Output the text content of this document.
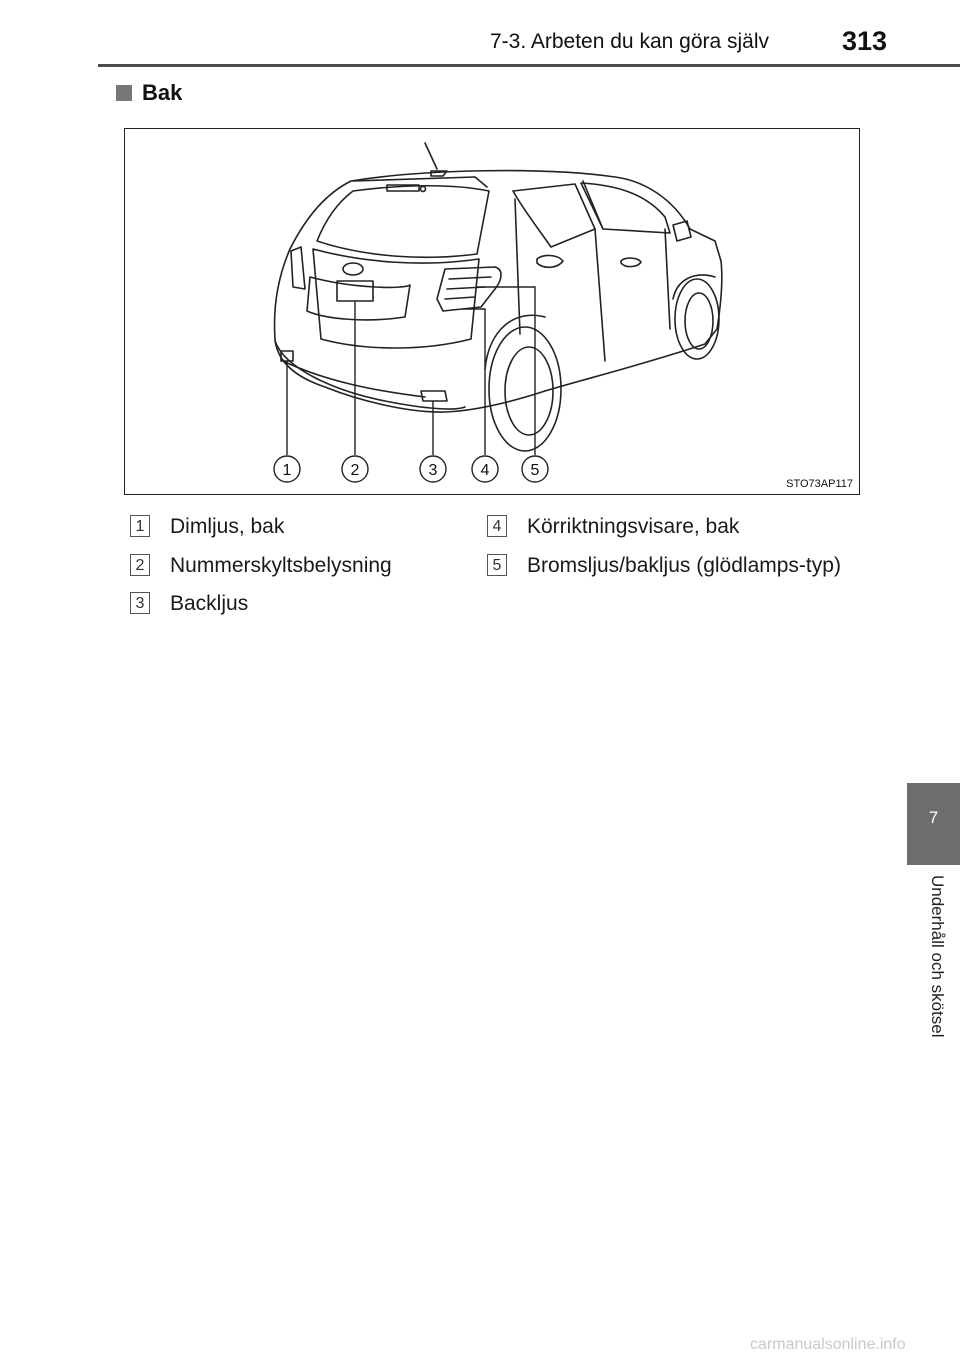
7-3. Arbeten du kan göra själv	313
Bak
1	2	3	4	5
STO73AP117
1 Dimljus, bak
2 Nummerskyltsbelysning
3 Backljus
4 Körriktningsvisare, bak
5 Bromsljus/bakljus (glödlamps-typ)
7
Underhåll och skötsel
carmanualsonline.info
